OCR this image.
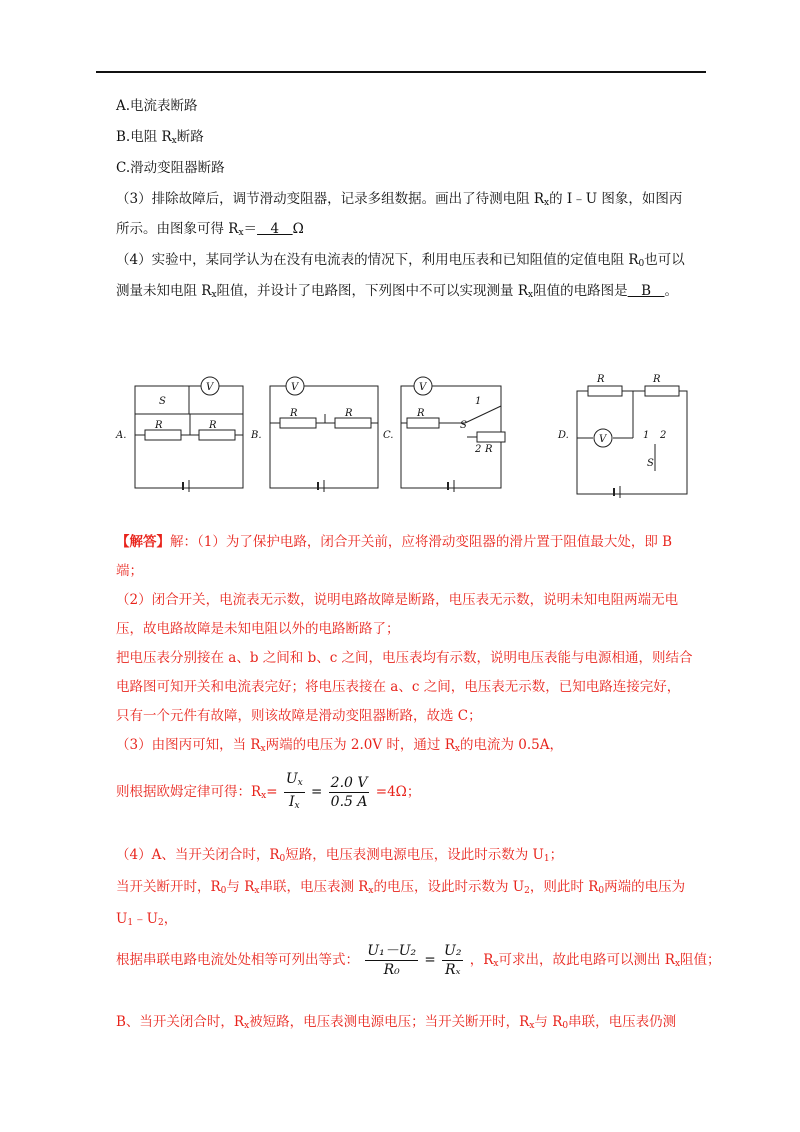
A.电流表断路
B.电阻 $R_x$断路
C.滑动变阻器断路
（3）排除故障后，调节滑动变阻器，记录多组数据。画出了待测电阻 $R_x$的 I﹣U 图象，如图丙
所示。由图象可得 $R_x=$　4　Ω
（4）实验中，某同学认为在没有电流表的情况下，利用电压表和已知阻值的定值电阻 $R_0$也可以
测量未知电阻 $R_x$阻值，并设计了电路图，下列图中不可以实现测量 $R_x$阻值的电路图是　B　。
A.	B.	C.	D.
S
V	V	V
V
R	R
R	R	R
R
R	R
S
1
2
1 2
S
【解答】解：（1）为了保护电路，闭合开关前，应将滑动变阻器的滑片置于阻值最大处，即 B
端；
（2）闭合开关，电流表无示数，说明电路故障是断路，电压表无示数，说明未知电阻两端无电
压，故电路故障是未知电阻以外的电路断路了；
把电压表分别接在 a、b 之间和 b、c 之间，电压表均有示数，说明电压表能与电源相通，则结合
电路图可知开关和电流表完好；将电压表接在 a、c 之间，电压表无示数，已知电路连接完好，
只有一个元件有故障，则该故障是滑动变阻器断路，故选 C；
（3）由图丙可知，当 $R_x$两端的电压为 2.0V 时，通过 $R_x$的电流为 0.5A，
则根据欧姆定律可得：$R_x= \frac{U_x}{I_x} = \frac{2.0 V}{0.5 A} =4\Omega$；
（4）A、当开关闭合时，$R_0$短路，电压表测电源电压，设此时示数为 $U_1$；
当开关断开时，$R_0$与 $R_x$串联，电压表测 $R_x$的电压，设此时示数为 $U_2$，则此时 $R_0$两端的电压为
$U_1﹣U_2$，
根据串联电路电流处处相等可列出等式： $\frac{\text{U₁－U₂}}{\text{R₀}} = \frac{\text{U₂}}{\text{Rₓ}}$ ，$R_x$可求出，故此电路可以测出 $R_x$阻值；
B、当开关闭合时，$R_x$被短路，电压表测电源电压；当开关断开时，$R_x$与 $R_0$串联，电压表仍测
